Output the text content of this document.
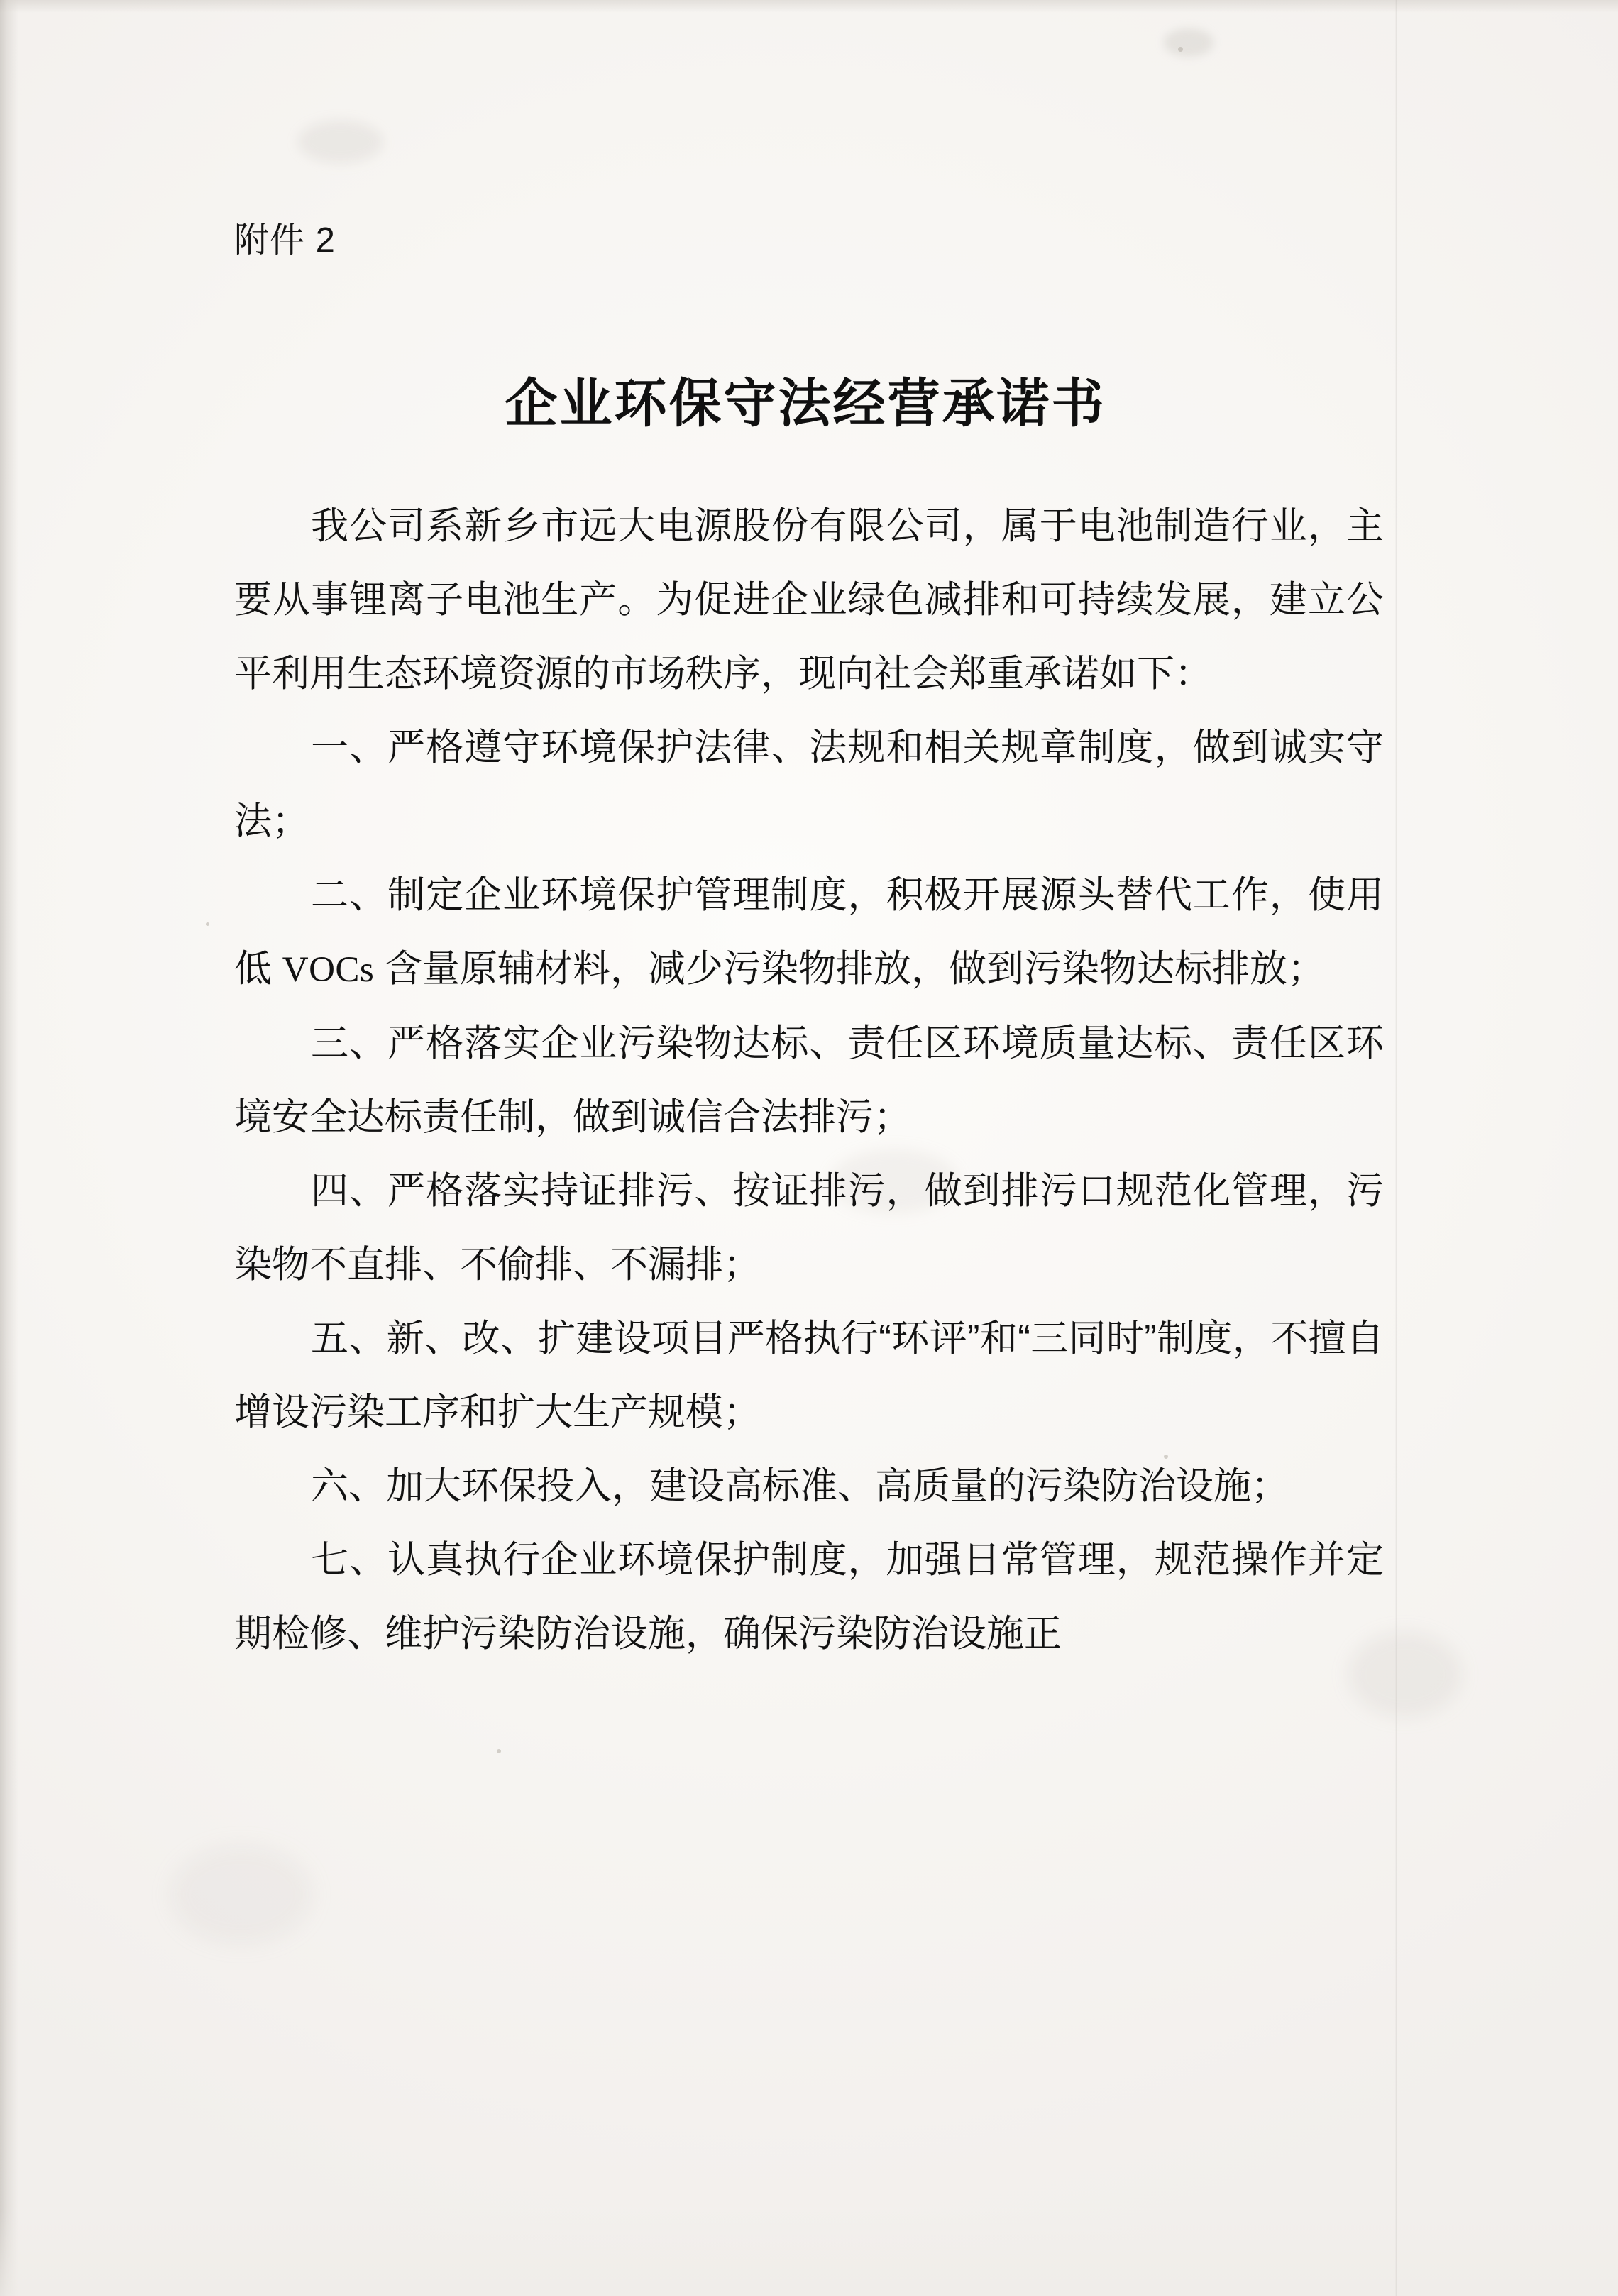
附件 2
企业环保守法经营承诺书

我公司系新乡市远大电源股份有限公司，属于电池制造行业，主要从事锂离子电池生产。为促进企业绿色减排和可持续发展，建立公平利用生态环境资源的市场秩序，现向社会郑重承诺如下：

一、严格遵守环境保护法律、法规和相关规章制度，做到诚实守法；

二、制定企业环境保护管理制度，积极开展源头替代工作，使用低 VOCs 含量原辅材料，减少污染物排放，做到污染物达标排放；

三、严格落实企业污染物达标、责任区环境质量达标、责任区环境安全达标责任制，做到诚信合法排污；

四、严格落实持证排污、按证排污，做到排污口规范化管理，污染物不直排、不偷排、不漏排；

五、新、改、扩建设项目严格执行“环评”和“三同时”制度，不擅自增设污染工序和扩大生产规模；

六、加大环保投入，建设高标准、高质量的污染防治设施；

七、认真执行企业环境保护制度，加强日常管理，规范操作并定期检修、维护污染防治设施，确保污染防治设施正
